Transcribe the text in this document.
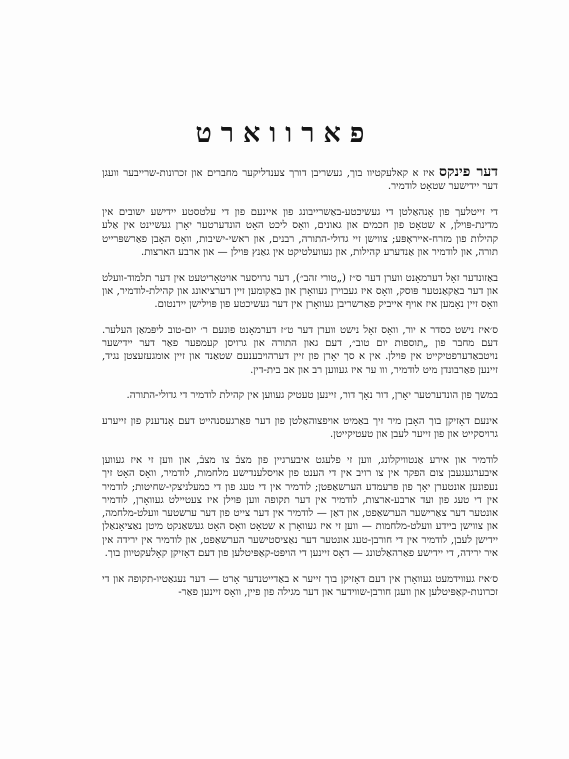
פארווארט

דער פינקס איז א קאלעקטיוו בוך, געשריבן דורך צענדליקער מחברים און זכרונות-שרייבער וועגן דער יידישער שטאָט לודמיר.

די זייטלעך פון אָנהאַלטן די געשיכטע-באַשרייבונג פון איינעם פון די עלטסטע יידישע ישובים אין מדינת-פּוילן, א שטאָט פון חכמים און גאונים, וואָס ליכט האָט הונדערטער יאָרן געשיינט אין אַלע קהילות פון מזרח-אייראָפּע; צווישן זיי גדולי-התורה, רבנים, און ראשי-ישיבות, וואָס האָבן פאַרשפּרייט תורה, און לודמיר און אַנדערע קהילות, און געוועלטיקט אין גאַנץ פּוילן — און ארבע הארצות.

באַזונדער זאָל דערמאָנט ווערן דער ס״ז („טורי זהב״), דער גרויסער אויטאָריטעט אין דער תלמוד-וועלט און דער באַקאַנטער פּוסק, וואָס איז געבוירן געוואָרן און באַקומען זיין דערציאונג און קהילת-לודמיר, און וואָס זיין נאָמען איז אויף אייביק פאַרשריבן געוואָרן אין דער געשיכטע פון פּוילישן יידנטום.

ס׳איז נישט כסדר א יור, וואָס זאָל נישט ווערן דער ט״ז דערמאָנט פונעם ר׳ יום-טוב ליפּמאַן העלער. דעם מחבר פון „תוספות יום טוב״, דעם גאון התורה און גרויסן קעמפער פאַר דער יידישער נויטבאַדערפטיקייט אין פּוילן. אין א סך יאָרן פון זיין דערהויבענעם שטאַנד און זיין אומגעזעצטן נגיד, זיינען פאַרבונדן מיט לודמיר, ווו ער איז געווען רב און אב בית-דין.

במשך פון הונדערטער יאָרן, דור נאָך דור, זיינען טעטיק געווען אין קהילת לודמיר די גדולי-התורה.

אינעם דאָזיקן בוך האָבן מיר זיך באַמיט אויפצוהאַלטן פון דער פאַרגעסנהייט דעם אָנדענק פון זייערע גרויסקייט און פון זייער לעבן און טעטיקייטן.

לודמיר און אירע אַנטוויקלונג, ווען זי פלעגט איבערגיין פון מצבֿ צו מצבֿ, און ווען זי איז געווען איבערגעגעבן צום הפקר אין צו רויב אין די הענט פון אויסלענדישע מלחמות, לודמיר, וואָס האָט זיך נעפונען אונטערן יאָך פון פרעמדע הערשאַפטן; לודמיר אין די טעג פון די כמעלניצקי-שחיטות; לודמיר אין די טעג פון ועד ארבע-ארצות, לודמיר אין דער תקופה ווען פּוילן איז צעטיילט געוואָרן, לודמיר אונטער דער צאַרישער הערשאַפט, און דאַן — לודמיר אין דער צייט פון דער ערשטער וועלט-מלחמה, און צווישן ביידע וועלט-מלחמות — ווען זי איז געוואָרן א שטאָט וואָס האָט געשאַנקט מיטן נאַציאָנאַלן יידישן לעבן, לודמיר אין די חורבן-טעג אונטער דער נאַציסטישער הערשאַפט, און לודמיר אין ירידה אין איר ירידה, די יידישע פאַרהאַלטונג — דאָס זיינען די הויפּט-קאַפּיטלען פון דעם דאָזיקן קאָלעקטיוון בוך.

ס׳איז געווידמעט געוואָרן אין דעם דאָזיקן בוך זייער א באַדייטנדער אָרט — דער נעגאַטיו-תקופה און די זכרונות-קאַפּיטלען און וועגן חורבן-שווידער און דער מגילה פון פיין, וואָס זיינען פאַר-
